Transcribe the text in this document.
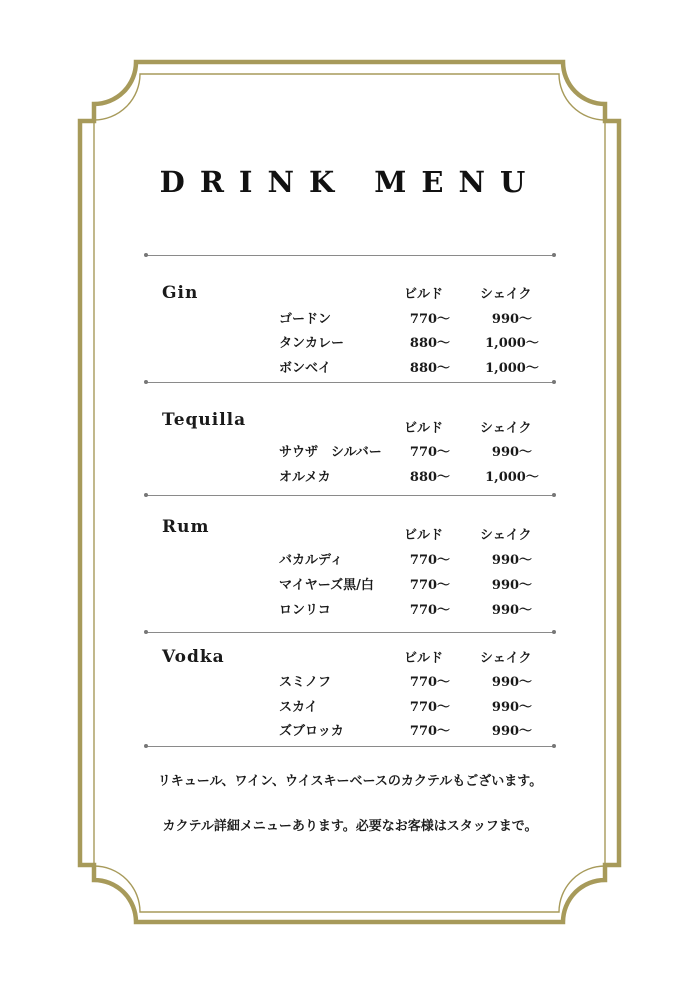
DRINK MENU
Gin	ビルド	シェイク
ゴードン	770〜	990〜
タンカレー	880〜	1,000〜
ボンベイ	880〜	1,000〜
Tequilla	ビルド	シェイク
サウザ　シルバー	770〜	990〜
オルメカ	880〜	1,000〜
Rum	ビルド	シェイク
バカルディ	770〜	990〜
マイヤーズ黒/白	770〜	990〜
ロンリコ	770〜	990〜
Vodka	ビルド	シェイク
スミノフ	770〜	990〜
スカイ	770〜	990〜
ズブロッカ	770〜	990〜
リキュール、ワイン、ウイスキーベースのカクテルもございます。
カクテル詳細メニューあります。必要なお客様はスタッフまで。
